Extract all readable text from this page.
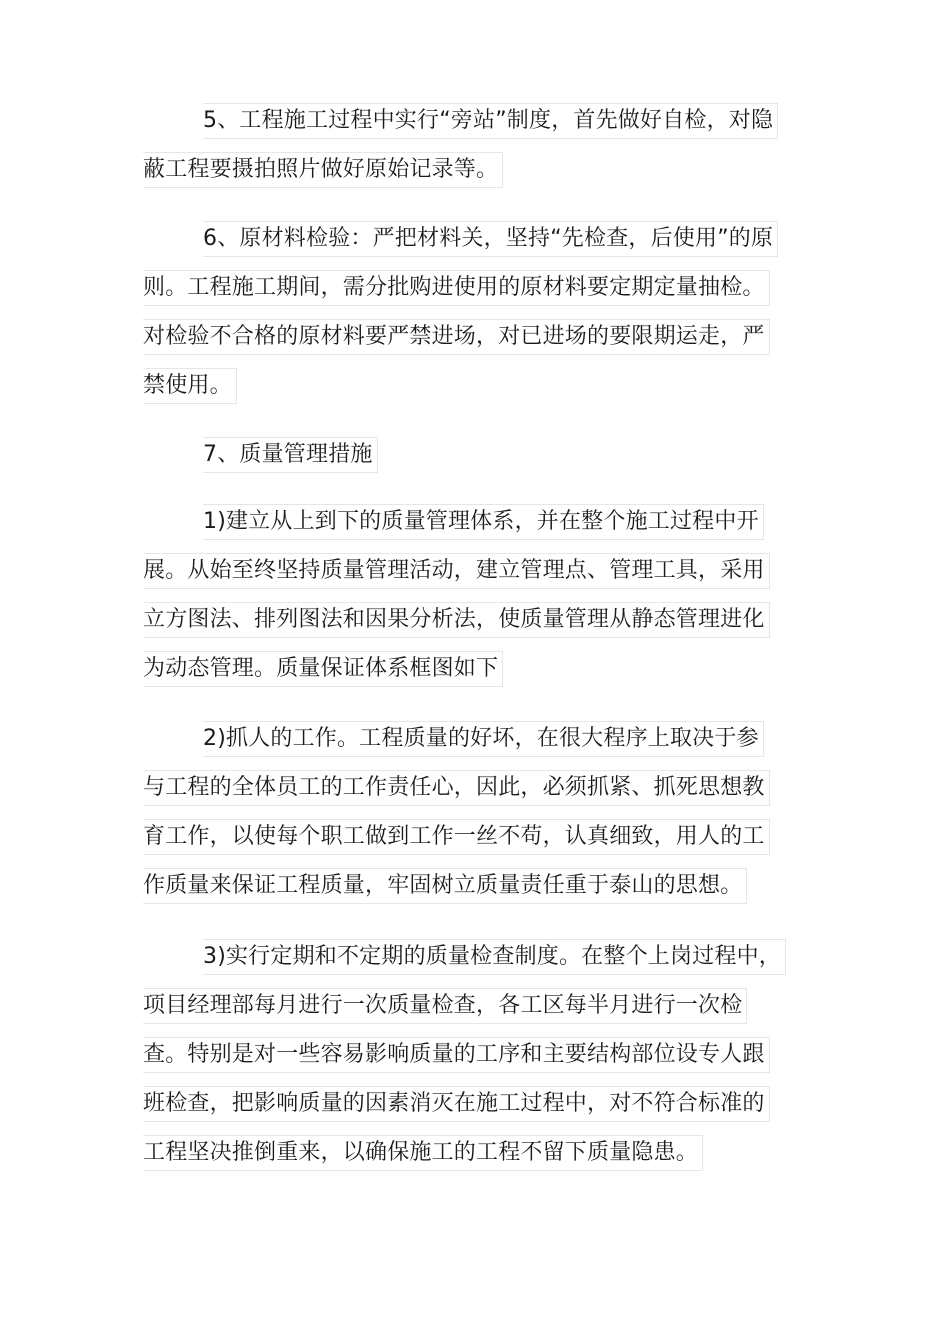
5、工程施工过程中实行“旁站”制度，首先做好自检，对隐
蔽工程要摄拍照片做好原始记录等。
6、原材料检验：严把材料关，坚持“先检查，后使用”的原
则。工程施工期间，需分批购进使用的原材料要定期定量抽检。
对检验不合格的原材料要严禁进场，对已进场的要限期运走，严
禁使用。
7、质量管理措施
1)建立从上到下的质量管理体系，并在整个施工过程中开
展。从始至终坚持质量管理活动，建立管理点、管理工具，采用
立方图法、排列图法和因果分析法，使质量管理从静态管理进化
为动态管理。质量保证体系框图如下
2)抓人的工作。工程质量的好坏，在很大程序上取决于参
与工程的全体员工的工作责任心，因此，必须抓紧、抓死思想教
育工作，以使每个职工做到工作一丝不苟，认真细致，用人的工
作质量来保证工程质量，牢固树立质量责任重于泰山的思想。
3)实行定期和不定期的质量检查制度。在整个上岗过程中，
项目经理部每月进行一次质量检查，各工区每半月进行一次检
查。特别是对一些容易影响质量的工序和主要结构部位设专人跟
班检查，把影响质量的因素消灭在施工过程中，对不符合标准的
工程坚决推倒重来，以确保施工的工程不留下质量隐患。
